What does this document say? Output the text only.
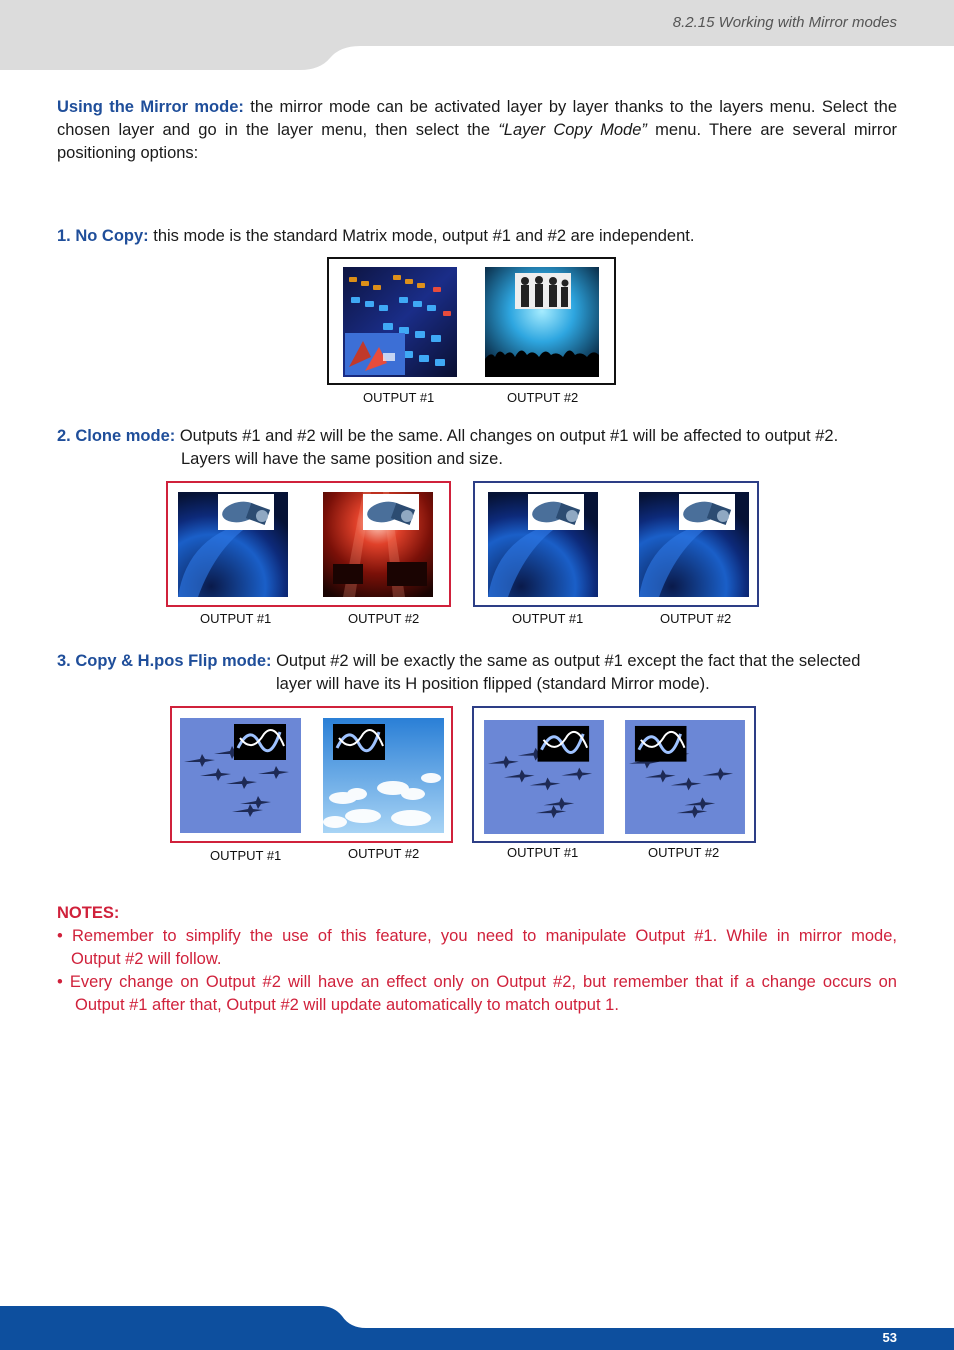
8.2.15 Working with Mirror modes
Using the Mirror mode: the mirror mode can be activated layer by layer thanks to the layers menu. Select the chosen layer and go in the layer menu, then select the “Layer Copy Mode” menu. There are several mirror positioning options:
1. No Copy: this mode is the standard Matrix mode, output #1 and #2 are independent.
OUTPUT #1	OUTPUT #2
2. Clone mode: Outputs #1 and #2 will be the same. All changes on output #1 will be affected to output #2.
Layers will have the same position and size.
OUTPUT #1	OUTPUT #2	OUTPUT #1	OUTPUT #2
3. Copy & H.pos Flip mode: Output #2 will be exactly the same as output #1 except the fact that the selected
layer will have its H position flipped (standard Mirror mode).
OUTPUT #1	OUTPUT #2	OUTPUT #1	OUTPUT #2
NOTES:
• Remember to simplify the use of this feature, you need to manipulate Output #1. While in mirror mode,
Output #2 will follow.
• Every change on Output #2 will have an effect only on Output #2, but remember that if a change occurs on
Output #1 after that, Output #2 will update automatically to match output 1.
53
